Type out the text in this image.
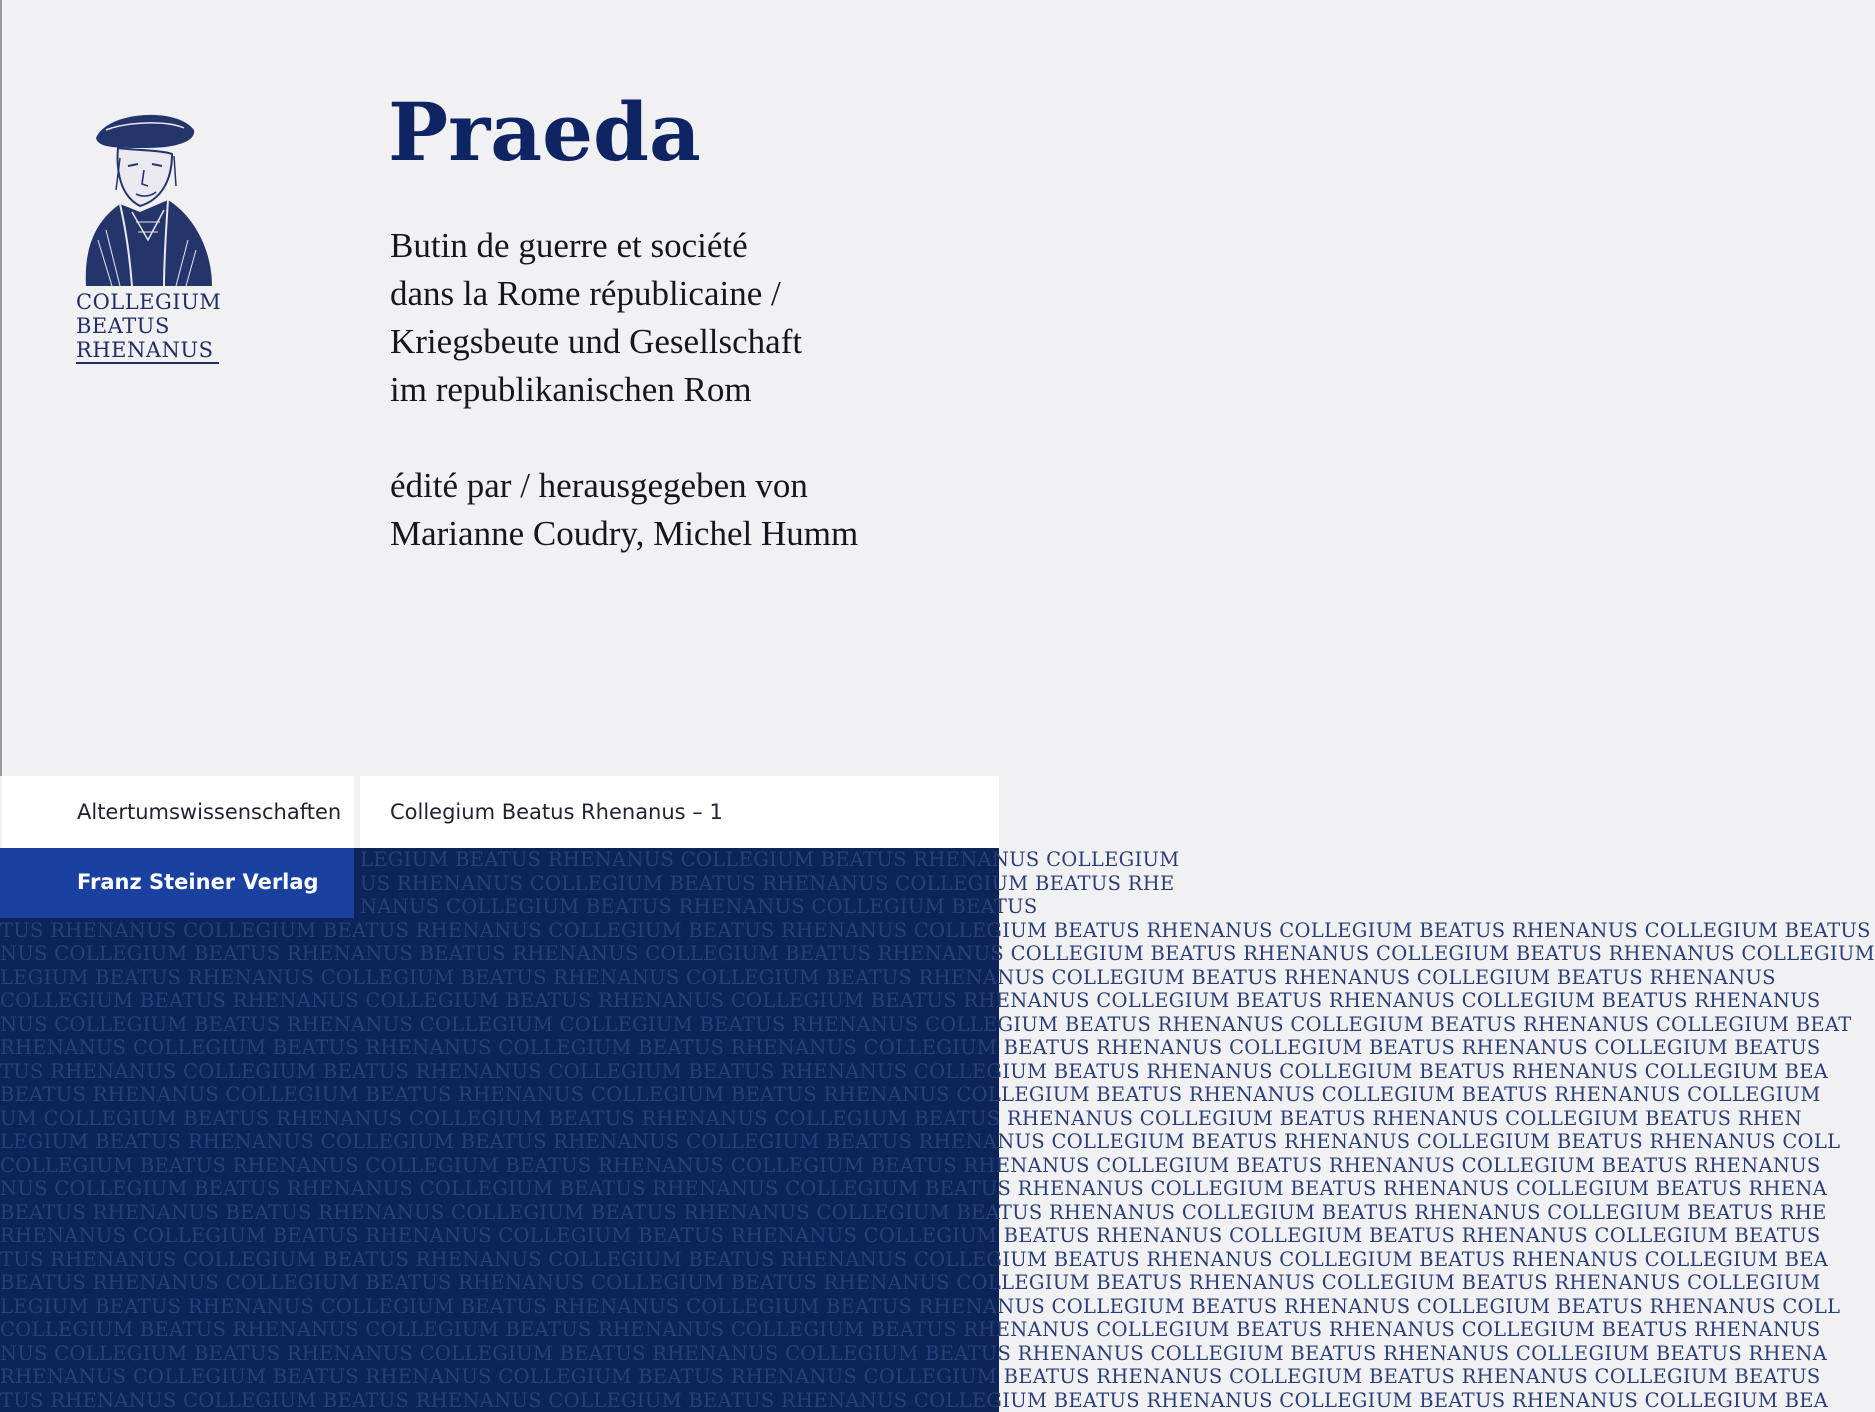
COLLEGIUM
BEATUS
RHENANUS
Praeda
Butin de guerre et société
dans la Rome républicaine /
Kriegsbeute und Gesellschaft
im republikanischen Rom
édité par / herausgegeben von
Marianne Coudry, Michel Humm
Altertumswissenschaften Collegium Beatus Rhenanus – 1
LEGIUM BEATUS RHENANUS COLLEGIUM BEATUS RHENANUS COLLEGIUM
US RHENANUS COLLEGIUM BEATUS RHENANUS COLLEGIUM BEATUS RHE
NANUS COLLEGIUM BEATUS RHENANUS COLLEGIUM BEATUS
TUS RHENANUS COLLEGIUM BEATUS RHENANUS COLLEGIUM BEATUS RHENANUS COLLEGIUM BEATUS RHENANUS COLLEGIUM BEATUS RHENANUS COLLEGIUM BEATUS
NUS COLLEGIUM BEATUS RHENANUS BEATUS RHENANUS COLLEGIUM BEATUS RHENANUS COLLEGIUM BEATUS RHENANUS COLLEGIUM BEATUS RHENANUS COLLEGIUM
LEGIUM BEATUS RHENANUS COLLEGIUM BEATUS RHENANUS COLLEGIUM BEATUS RHENANUS COLLEGIUM BEATUS RHENANUS COLLEGIUM BEATUS RHENANUS
COLLEGIUM BEATUS RHENANUS COLLEGIUM BEATUS RHENANUS COLLEGIUM BEATUS RHENANUS COLLEGIUM BEATUS RHENANUS COLLEGIUM BEATUS RHENANUS
NUS COLLEGIUM BEATUS RHENANUS COLLEGIUM COLLEGIUM BEATUS RHENANUS COLLEGIUM BEATUS RHENANUS COLLEGIUM BEATUS RHENANUS COLLEGIUM BEAT
RHENANUS COLLEGIUM BEATUS RHENANUS COLLEGIUM BEATUS RHENANUS COLLEGIUM BEATUS RHENANUS COLLEGIUM BEATUS RHENANUS COLLEGIUM BEATUS
TUS RHENANUS COLLEGIUM BEATUS RHENANUS COLLEGIUM BEATUS RHENANUS COLLEGIUM BEATUS RHENANUS COLLEGIUM BEATUS RHENANUS COLLEGIUM BEA
BEATUS RHENANUS COLLEGIUM BEATUS RHENANUS COLLEGIUM BEATUS RHENANUS COLLEGIUM BEATUS RHENANUS COLLEGIUM BEATUS RHENANUS COLLEGIUM
UM COLLEGIUM BEATUS RHENANUS COLLEGIUM BEATUS RHENANUS COLLEGIUM BEATUS RHENANUS COLLEGIUM BEATUS RHENANUS COLLEGIUM BEATUS RHEN
LEGIUM BEATUS RHENANUS COLLEGIUM BEATUS RHENANUS COLLEGIUM BEATUS RHENANUS COLLEGIUM BEATUS RHENANUS COLLEGIUM BEATUS RHENANUS COLL
COLLEGIUM BEATUS RHENANUS COLLEGIUM BEATUS RHENANUS COLLEGIUM BEATUS RHENANUS COLLEGIUM BEATUS RHENANUS COLLEGIUM BEATUS RHENANUS
NUS COLLEGIUM BEATUS RHENANUS COLLEGIUM BEATUS RHENANUS COLLEGIUM BEATUS RHENANUS COLLEGIUM BEATUS RHENANUS COLLEGIUM BEATUS RHENA
BEATUS RHENANUS BEATUS RHENANUS COLLEGIUM BEATUS RHENANUS COLLEGIUM BEATUS RHENANUS COLLEGIUM BEATUS RHENANUS COLLEGIUM BEATUS RHE
RHENANUS COLLEGIUM BEATUS RHENANUS COLLEGIUM BEATUS RHENANUS COLLEGIUM BEATUS RHENANUS COLLEGIUM BEATUS RHENANUS COLLEGIUM BEATUS
TUS RHENANUS COLLEGIUM BEATUS RHENANUS COLLEGIUM BEATUS RHENANUS COLLEGIUM BEATUS RHENANUS COLLEGIUM BEATUS RHENANUS COLLEGIUM BEA
BEATUS RHENANUS COLLEGIUM BEATUS RHENANUS COLLEGIUM BEATUS RHENANUS COLLEGIUM BEATUS RHENANUS COLLEGIUM BEATUS RHENANUS COLLEGIUM
LEGIUM BEATUS RHENANUS COLLEGIUM BEATUS RHENANUS COLLEGIUM BEATUS RHENANUS COLLEGIUM BEATUS RHENANUS COLLEGIUM BEATUS RHENANUS COLL
COLLEGIUM BEATUS RHENANUS COLLEGIUM BEATUS RHENANUS COLLEGIUM BEATUS RHENANUS COLLEGIUM BEATUS RHENANUS COLLEGIUM BEATUS RHENANUS
NUS COLLEGIUM BEATUS RHENANUS COLLEGIUM BEATUS RHENANUS COLLEGIUM BEATUS RHENANUS COLLEGIUM BEATUS RHENANUS COLLEGIUM BEATUS RHENA
RHENANUS COLLEGIUM BEATUS RHENANUS COLLEGIUM BEATUS RHENANUS COLLEGIUM BEATUS RHENANUS COLLEGIUM BEATUS RHENANUS COLLEGIUM BEATUS
TUS RHENANUS COLLEGIUM BEATUS RHENANUS COLLEGIUM BEATUS RHENANUS COLLEGIUM BEATUS RHENANUS COLLEGIUM BEATUS RHENANUS COLLEGIUM BEA
Franz Steiner Verlag
